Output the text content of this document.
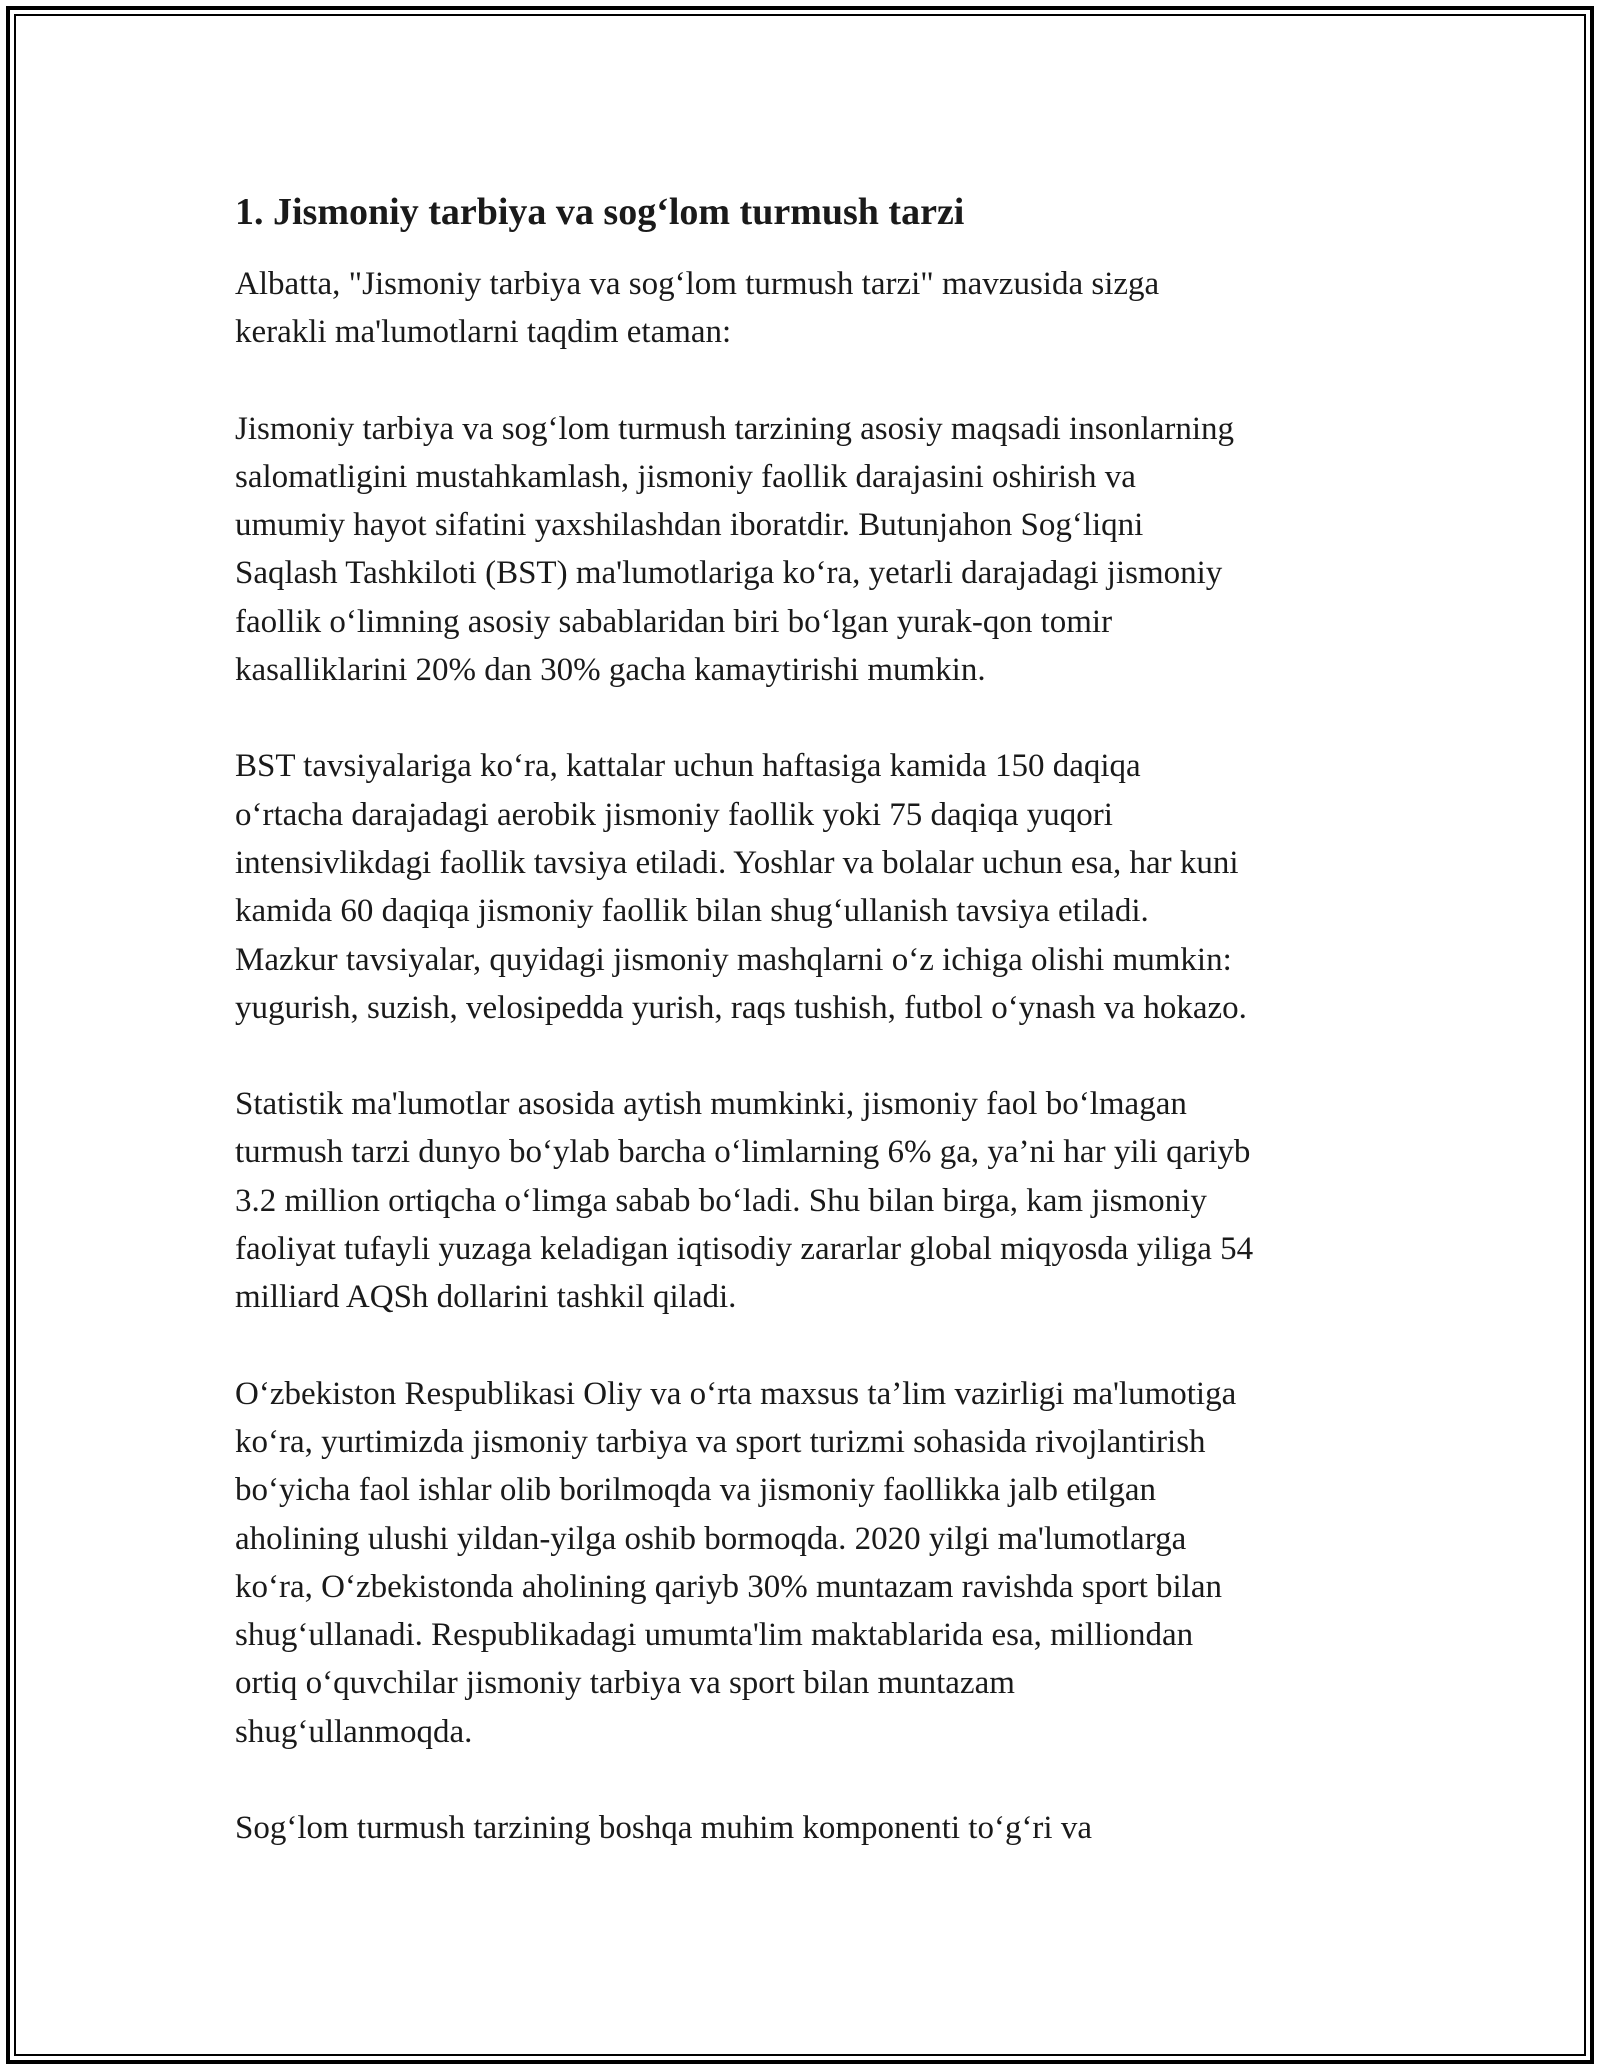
1. Jismoniy tarbiya va sog‘lom turmush tarzi
Albatta, "Jismoniy tarbiya va sog‘lom turmush tarzi" mavzusida sizga
kerakli ma'lumotlarni taqdim etaman:
Jismoniy tarbiya va sog‘lom turmush tarzining asosiy maqsadi insonlarning
salomatligini mustahkamlash, jismoniy faollik darajasini oshirish va
umumiy hayot sifatini yaxshilashdan iboratdir. Butunjahon Sog‘liqni
Saqlash Tashkiloti (BST) ma'lumotlariga ko‘ra, yetarli darajadagi jismoniy
faollik o‘limning asosiy sabablaridan biri bo‘lgan yurak-qon tomir
kasalliklarini 20% dan 30% gacha kamaytirishi mumkin.
BST tavsiyalariga ko‘ra, kattalar uchun haftasiga kamida 150 daqiqa
o‘rtacha darajadagi aerobik jismoniy faollik yoki 75 daqiqa yuqori
intensivlikdagi faollik tavsiya etiladi. Yoshlar va bolalar uchun esa, har kuni
kamida 60 daqiqa jismoniy faollik bilan shug‘ullanish tavsiya etiladi.
Mazkur tavsiyalar, quyidagi jismoniy mashqlarni o‘z ichiga olishi mumkin:
yugurish, suzish, velosipedda yurish, raqs tushish, futbol o‘ynash va hokazo.
Statistik ma'lumotlar asosida aytish mumkinki, jismoniy faol bo‘lmagan
turmush tarzi dunyo bo‘ylab barcha o‘limlarning 6% ga, ya’ni har yili qariyb
3.2 million ortiqcha o‘limga sabab bo‘ladi. Shu bilan birga, kam jismoniy
faoliyat tufayli yuzaga keladigan iqtisodiy zararlar global miqyosda yiliga 54
milliard AQSh dollarini tashkil qiladi.
O‘zbekiston Respublikasi Oliy va o‘rta maxsus ta’lim vazirligi ma'lumotiga
ko‘ra, yurtimizda jismoniy tarbiya va sport turizmi sohasida rivojlantirish
bo‘yicha faol ishlar olib borilmoqda va jismoniy faollikka jalb etilgan
aholining ulushi yildan-yilga oshib bormoqda. 2020 yilgi ma'lumotlarga
ko‘ra, O‘zbekistonda aholining qariyb 30% muntazam ravishda sport bilan
shug‘ullanadi. Respublikadagi umumta'lim maktablarida esa, milliondan
ortiq o‘quvchilar jismoniy tarbiya va sport bilan muntazam
shug‘ullanmoqda.
Sog‘lom turmush tarzining boshqa muhim komponenti to‘g‘ri va
